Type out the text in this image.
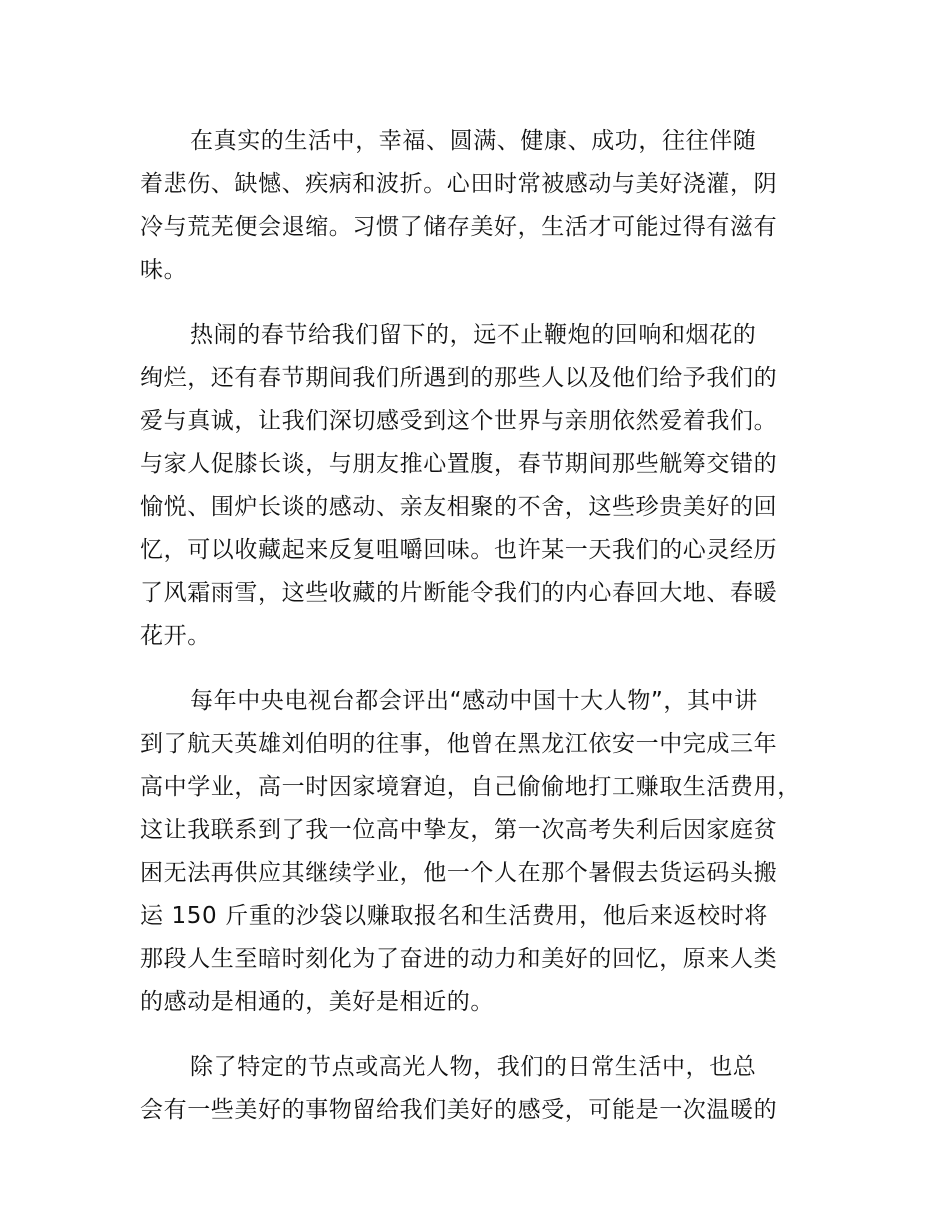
在真实的生活中，幸福、圆满、健康、成功，往往伴随
着悲伤、缺憾、疾病和波折。心田时常被感动与美好浇灌，阴
冷与荒芜便会退缩。习惯了储存美好，生活才可能过得有滋有
味。

热闹的春节给我们留下的，远不止鞭炮的回响和烟花的
绚烂，还有春节期间我们所遇到的那些人以及他们给予我们的
爱与真诚，让我们深切感受到这个世界与亲朋依然爱着我们。
与家人促膝长谈，与朋友推心置腹，春节期间那些觥筹交错的
愉悦、围炉长谈的感动、亲友相聚的不舍，这些珍贵美好的回
忆，可以收藏起来反复咀嚼回味。也许某一天我们的心灵经历
了风霜雨雪，这些收藏的片断能令我们的内心春回大地、春暖
花开。

每年中央电视台都会评出“感动中国十大人物”，其中讲
到了航天英雄刘伯明的往事，他曾在黑龙江依安一中完成三年
高中学业，高一时因家境窘迫，自己偷偷地打工赚取生活费用，
这让我联系到了我一位高中挚友，第一次高考失利后因家庭贫
困无法再供应其继续学业，他一个人在那个暑假去货运码头搬
运 150 斤重的沙袋以赚取报名和生活费用，他后来返校时将
那段人生至暗时刻化为了奋进的动力和美好的回忆，原来人类
的感动是相通的，美好是相近的。

除了特定的节点或高光人物，我们的日常生活中，也总
会有一些美好的事物留给我们美好的感受，可能是一次温暖的
